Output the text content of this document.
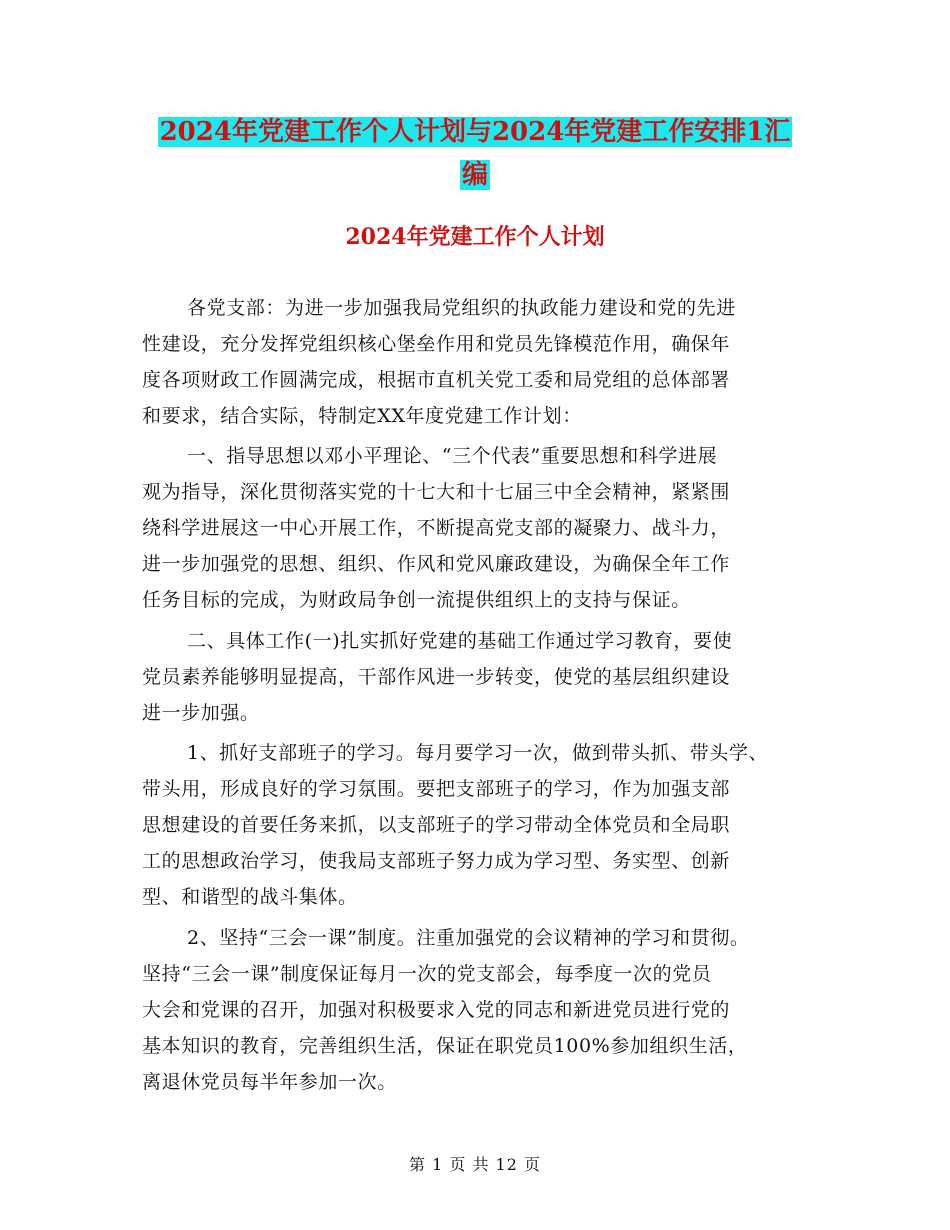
2024年党建工作个人计划与2024年党建工作安排1汇
编
2024年党建工作个人计划
各党支部：为进一步加强我局党组织的执政能力建设和党的先进
性建设，充分发挥党组织核心堡垒作用和党员先锋模范作用，确保年
度各项财政工作圆满完成，根据市直机关党工委和局党组的总体部署
和要求，结合实际，特制定XX年度党建工作计划：
一、指导思想以邓小平理论、“三个代表”重要思想和科学进展
观为指导，深化贯彻落实党的十七大和十七届三中全会精神，紧紧围
绕科学进展这一中心开展工作，不断提高党支部的凝聚力、战斗力，
进一步加强党的思想、组织、作风和党风廉政建设，为确保全年工作
任务目标的完成，为财政局争创一流提供组织上的支持与保证。
二、具体工作(一)扎实抓好党建的基础工作通过学习教育，要使
党员素养能够明显提高，干部作风进一步转变，使党的基层组织建设
进一步加强。
1、抓好支部班子的学习。每月要学习一次，做到带头抓、带头学、
带头用，形成良好的学习氛围。要把支部班子的学习，作为加强支部
思想建设的首要任务来抓，以支部班子的学习带动全体党员和全局职
工的思想政治学习，使我局支部班子努力成为学习型、务实型、创新
型、和谐型的战斗集体。
2、坚持“三会一课”制度。注重加强党的会议精神的学习和贯彻。
坚持“三会一课”制度保证每月一次的党支部会，每季度一次的党员
大会和党课的召开，加强对积极要求入党的同志和新进党员进行党的
基本知识的教育，完善组织生活，保证在职党员100%参加组织生活，
离退休党员每半年参加一次。
第 1 页 共 12 页
